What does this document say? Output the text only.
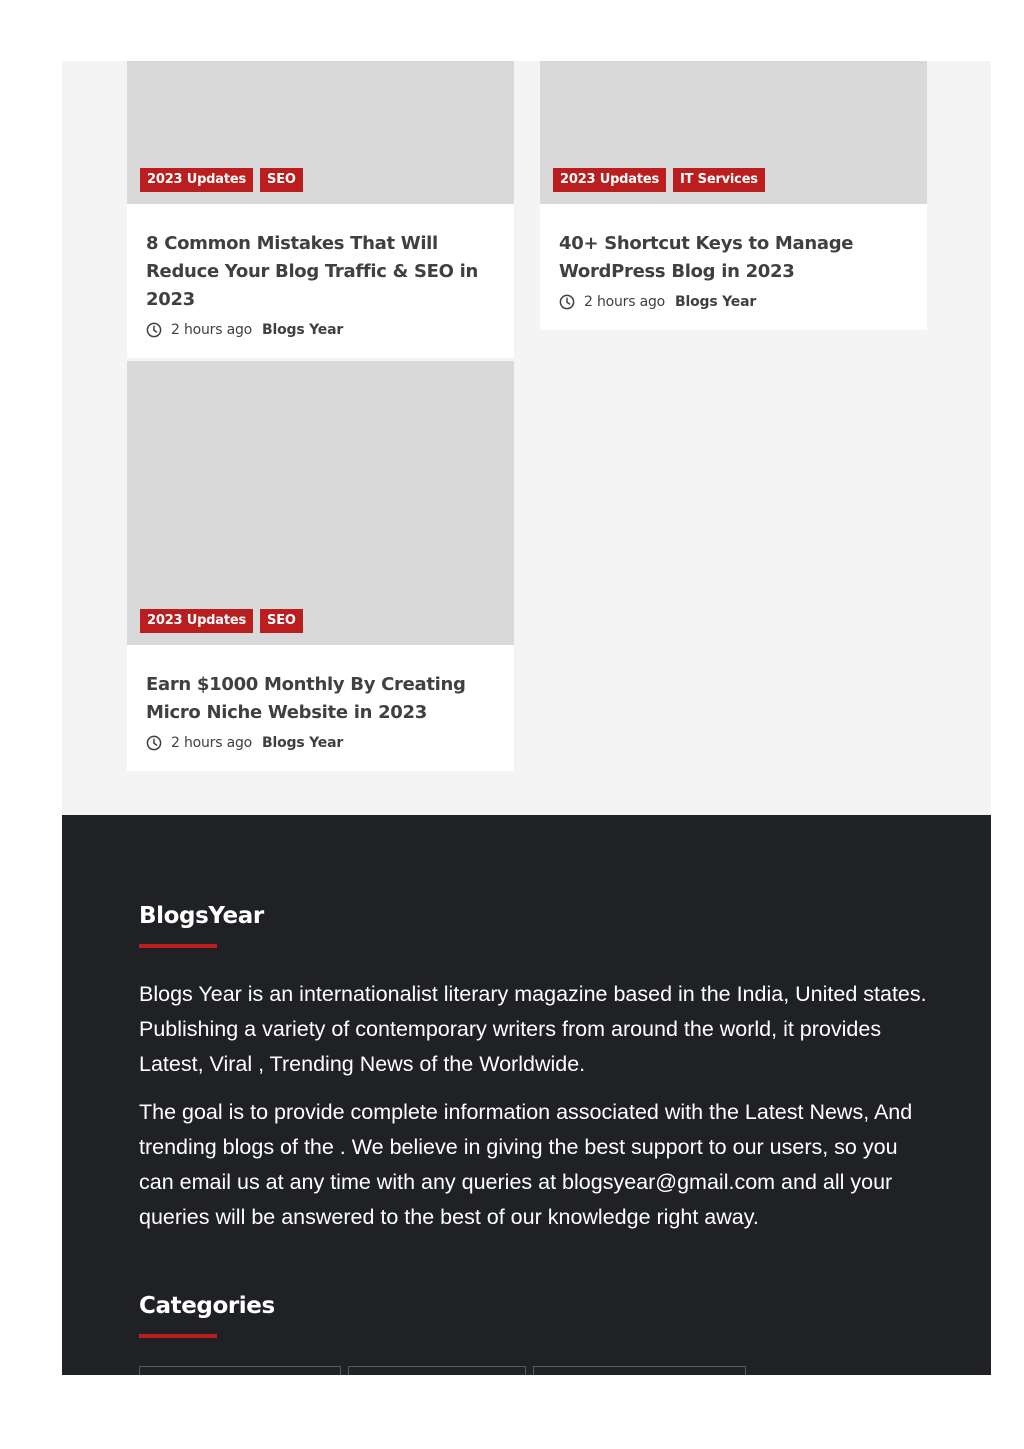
2023 Updates	SEO
8 Common Mistakes That Will Reduce Your Blog Traffic & SEO in 2023
2 hours ago Blogs Year
2023 Updates	IT Services
40+ Shortcut Keys to Manage WordPress Blog in 2023
2 hours ago Blogs Year
2023 Updates	SEO
Earn $1000 Monthly By Creating Micro Niche Website in 2023
2 hours ago Blogs Year
BlogsYear

Blogs Year is an internationalist literary magazine based in the India, United states. Publishing a variety of contemporary writers from around the world, it provides Latest, Viral , Trending News of the Worldwide.

The goal is to provide complete information associated with the Latest News, And trending blogs of the . We believe in giving the best support to our users, so you can email us at any time with any queries at blogsyear@gmail.com and all your queries will be answered to the best of our knowledge right away.

Categories
